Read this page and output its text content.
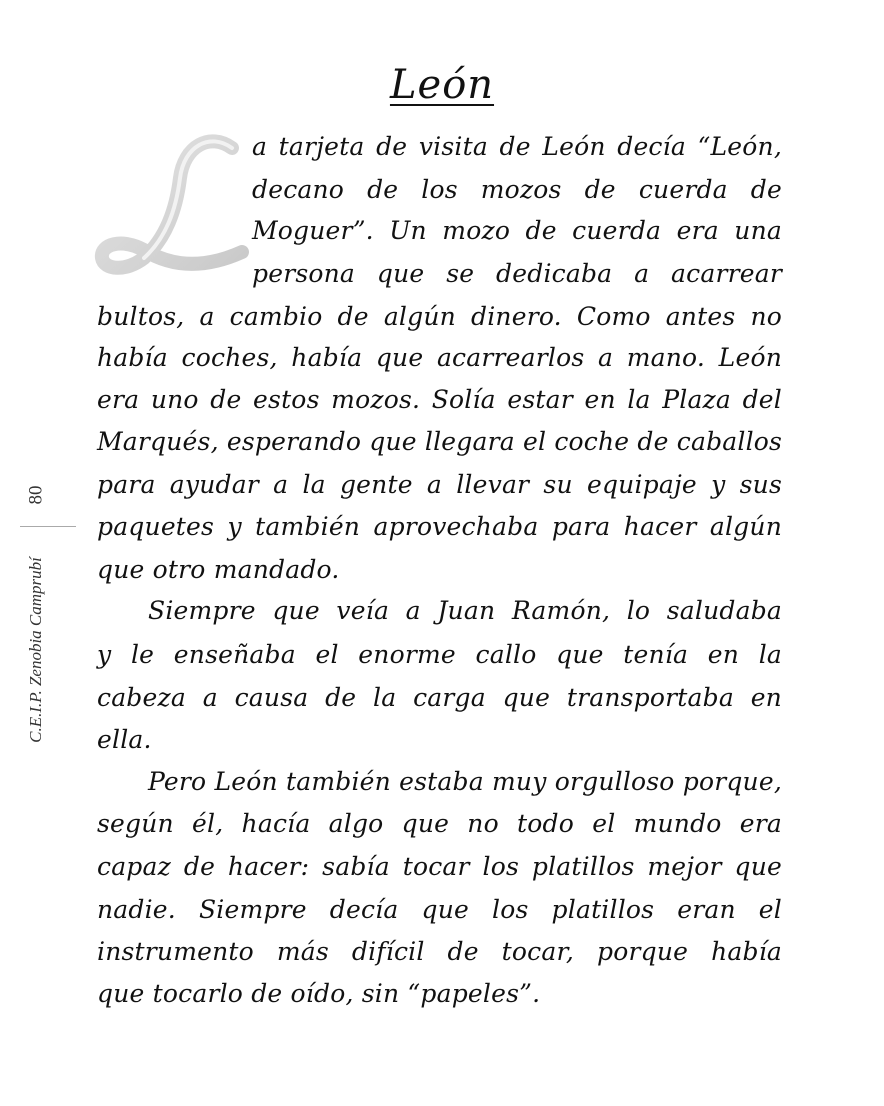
León
80
C.E.I.P. Zenobia Camprubí
a tarjeta de visita de León decía “León,
decano de los mozos de cuerda de
Moguer”. Un mozo de cuerda era una
persona que se dedicaba a acarrear
bultos, a cambio de algún dinero. Como antes no
había coches, había que acarrearlos a mano. León
era uno de estos mozos. Solía estar en la Plaza del
Marqués, esperando que llegara el coche de caballos
para ayudar a la gente a llevar su equipaje y sus
paquetes y también aprovechaba para hacer algún
que otro mandado.
Siempre que veía a Juan Ramón, lo saludaba
y le enseñaba el enorme callo que tenía en la
cabeza a causa de la carga que transportaba en
ella.
Pero León también estaba muy orgulloso porque,
según él, hacía algo que no todo el mundo era
capaz de hacer: sabía tocar los platillos mejor que
nadie. Siempre decía que los platillos eran el
instrumento más difícil de tocar, porque había
que tocarlo de oído, sin “papeles”.
